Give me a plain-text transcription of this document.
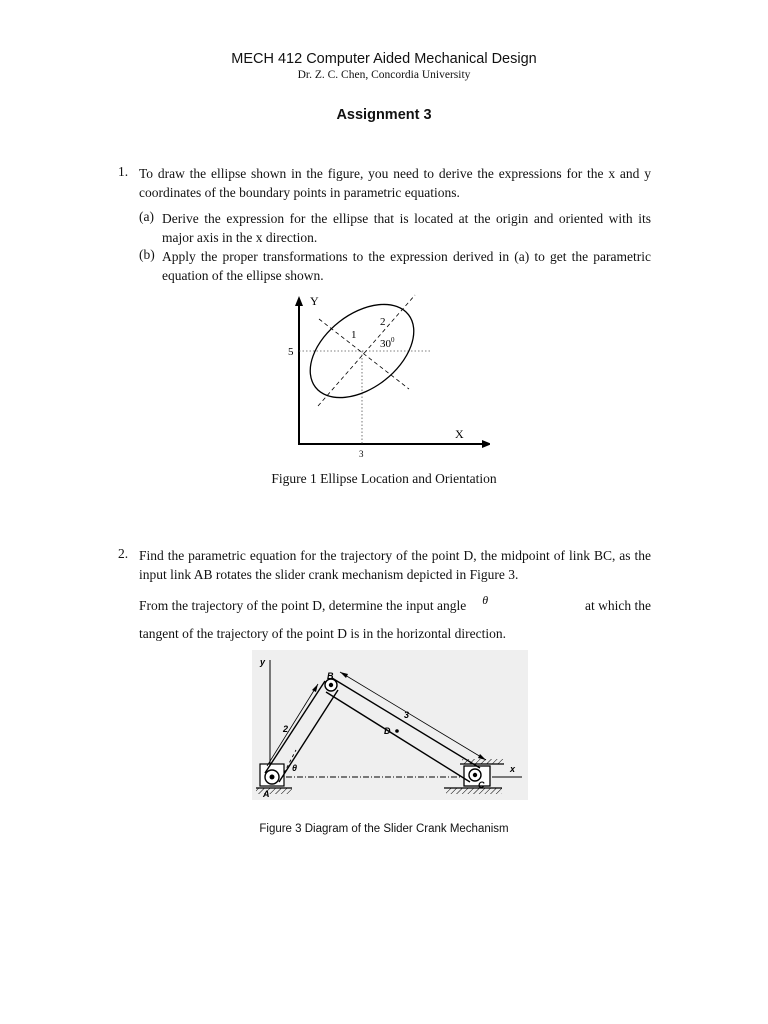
MECH 412 Computer Aided Mechanical Design
Dr. Z. C. Chen, Concordia University
Assignment 3
1. To draw the ellipse shown in the figure, you need to derive the expressions for the x and y coordinates of the boundary points in parametric equations.
(a) Derive the expression for the ellipse that is located at the origin and oriented with its major axis in the x direction.
(b) Apply the proper transformations to the expression derived in (a) to get the parametric equation of the ellipse shown.
Y
X
5
3
1
2
$30^0$
Figure 1 Ellipse Location and Orientation
2. Find the parametric equation for the trajectory of the point D, the midpoint of link BC, as the input link AB rotates the slider crank mechanism depicted in Figure 3.
From the trajectory of the point D, determine the input angle θ	at which the
tangent of the trajectory of the point D is in the horizontal direction.
y
x
A
B
C
D
2
3
θ
Figure 3 Diagram of the Slider Crank Mechanism
